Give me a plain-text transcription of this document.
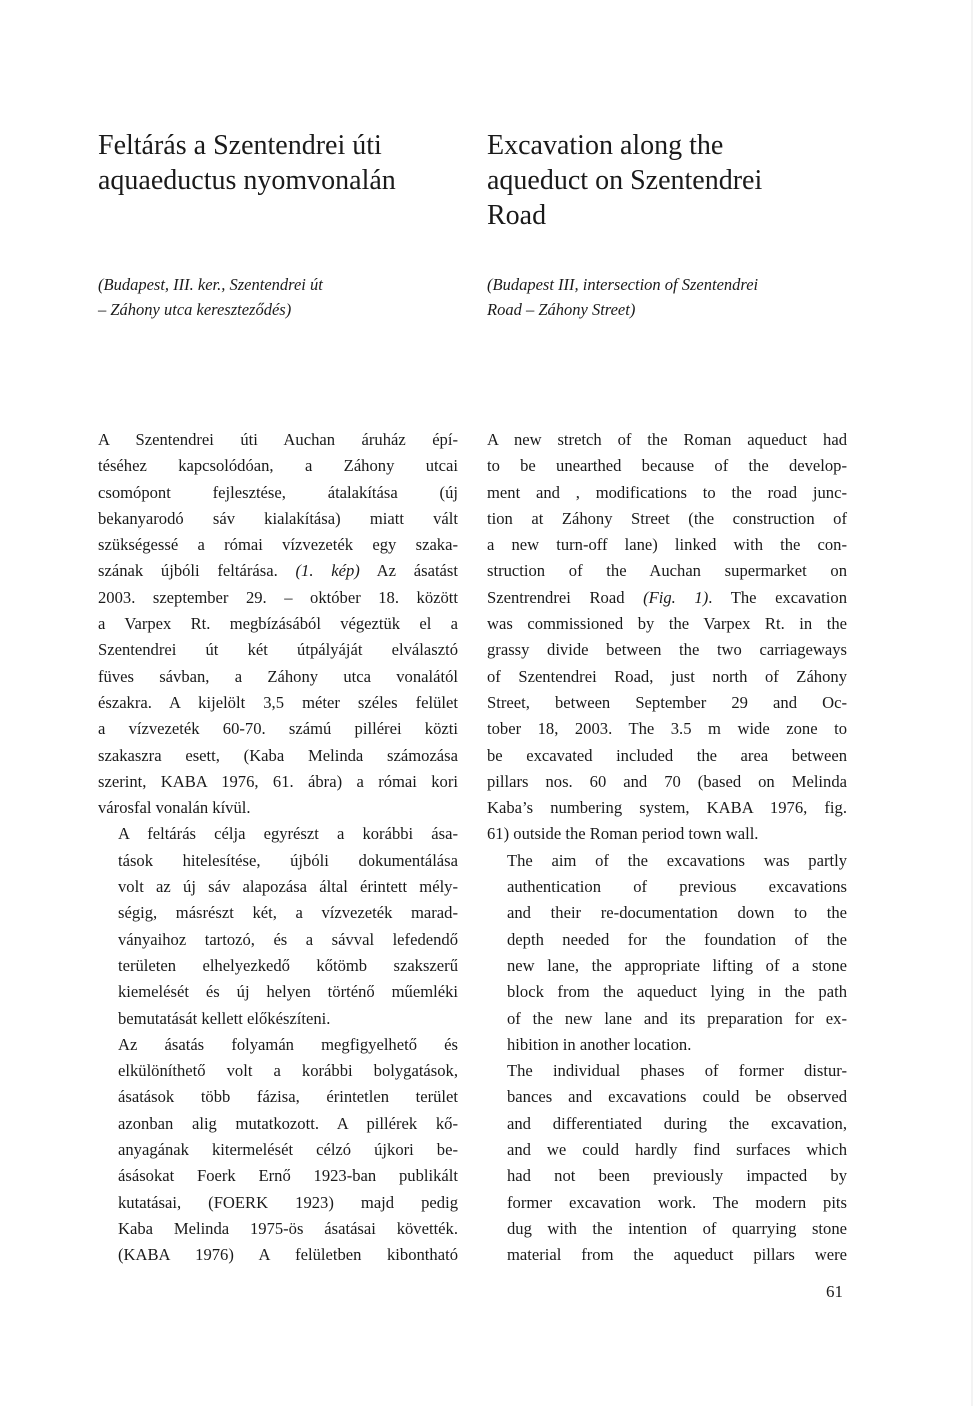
Feltárás a Szentendrei úti
aquaeductus nyomvonalán

(Budapest, III. ker., Szentendrei út
– Záhony utca kereszteződés)

A Szentendrei úti Auchan áruház épí-
téséhez kapcsolódóan, a Záhony utcai
csomópont fejlesztése, átalakítása (új
bekanyarodó sáv kialakítása) miatt vált
szükségessé a római vízvezeték egy szaka-
szának újbóli feltárása. (1. kép) Az ásatást
2003. szeptember 29. – október 18. között
a Varpex Rt. megbízásából végeztük el a
Szentendrei út két útpályáját elválasztó
füves sávban, a Záhony utca vonalától
északra. A kijelölt 3,5 méter széles felület
a vízvezeték 60-70. számú pillérei közti
szakaszra esett, (Kaba Melinda számozása
szerint, KABA 1976, 61. ábra) a római kori
városfal vonalán kívül.

A feltárás célja egyrészt a korábbi ása-
tások hitelesítése, újbóli dokumentálása
volt az új sáv alapozása által érintett mély-
ségig, másrészt két, a vízvezeték marad-
ványaihoz tartozó, és a sávval lefedendő
területen elhelyezkedő kőtömb szakszerű
kiemelését és új helyen történő műemléki
bemutatását kellett előkészíteni.

Az ásatás folyamán megfigyelhető és
elkülöníthető volt a korábbi bolygatások,
ásatások több fázisa, érintetlen terület
azonban alig mutatkozott. A pillérek kő-
anyagának kitermelését célzó újkori be-
ásásokat Foerk Ernő 1923-ban publikált
kutatásai, (FOERK 1923) majd pedig
Kaba Melinda 1975-ös ásatásai követték.
(KABA 1976) A felületben kibontható

Excavation along the
aqueduct on Szentendrei
Road

(Budapest III, intersection of Szentendrei
Road – Záhony Street)

A new stretch of the Roman aqueduct had
to be unearthed because of the develop-
ment and , modifications to the road junc-
tion at Záhony Street (the construction of
a new turn-off lane) linked with the con-
struction of the Auchan supermarket on
Szentrendrei Road (Fig. 1). The excavation
was commissioned by the Varpex Rt. in the
grassy divide between the two carriageways
of Szentendrei Road, just north of Záhony
Street, between September 29 and Oc-
tober 18, 2003. The 3.5 m wide zone to
be excavated included the area between
pillars nos. 60 and 70 (based on Melinda
Kaba’s numbering system, KABA 1976, fig.
61) outside the Roman period town wall.

The aim of the excavations was partly
authentication of previous excavations
and their re-documentation down to the
depth needed for the foundation of the
new lane, the appropriate lifting of a stone
block from the aqueduct lying in the path
of the new lane and its preparation for ex-
hibition in another location.

The individual phases of former distur-
bances and excavations could be observed
and differentiated during the excavation,
and we could hardly find surfaces which
had not been previously impacted by
former excavation work. The modern pits
dug with the intention of quarrying stone
material from the aqueduct pillars were

61
